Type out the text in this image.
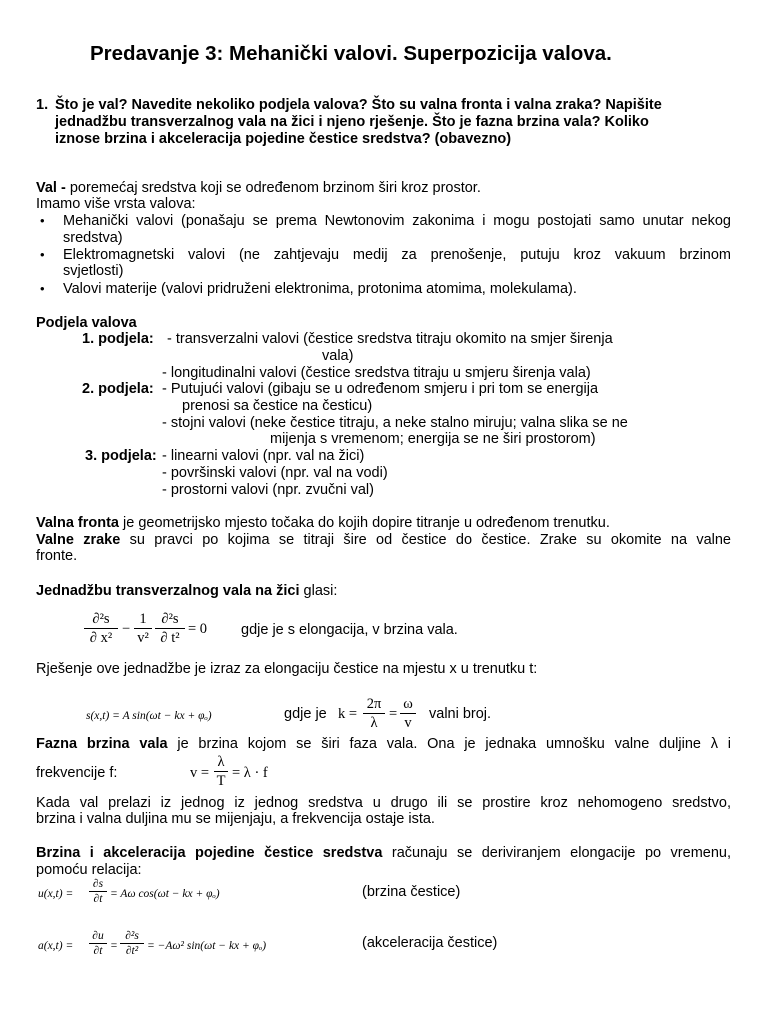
Predavanje 3: Mehanički valovi. Superpozicija valova.
1. Što je val? Navedite nekoliko podjela valova? Što su valna fronta i valna zraka? Napišite
jednadžbu transverzalnog vala na žici i njeno rješenje. Što je fazna brzina vala? Koliko
iznose brzina i akceleracija pojedine čestice sredstva? (obavezno)
Val - poremećaj sredstva koji se određenom brzinom širi kroz prostor.
Imamo više vrsta valova:
• Mehanički valovi (ponašaju se prema Newtonovim zakonima i mogu postojati samo unutar nekog
sredstva)
• Elektromagnetski valovi (ne zahtjevaju medij za prenošenje, putuju kroz vakuum brzinom
svjetlosti)
• Valovi materije (valovi pridruženi elektronima, protonima atomima, molekulama).
Podjela valova
1. podjela: - transverzalni valovi (čestice sredstva titraju okomito na smjer širenja
vala)
- longitudinalni valovi (čestice sredstva titraju u smjeru širenja vala)
2. podjela: - Putujući valovi (gibaju se u određenom smjeru i pri tom se energija
prenosi sa čestice na česticu)
- stojni valovi (neke čestice titraju, a neke stalno miruju; valna slika se ne
mijenja s vremenom; energija se ne širi prostorom)
3. podjela: - linearni valovi (npr. val na žici)
- površinski valovi (npr. val na vodi)
- prostorni valovi (npr. zvučni val)
Valna fronta je geometrijsko mjesto točaka do kojih dopire titranje u određenom trenutku.
Valne zrake su pravci po kojima se titraji šire od čestice do čestice. Zrake su okomite na valne
fronte.
Jednadžbu transverzalnog vala na žici glasi:
∂²s
∂ x²
−
1
v²
∂²s
∂ t²
= 0 gdje je s elongacija, v brzina vala.
Rješenje ove jednadžbe je izraz za elongaciju čestice na mjestu x u trenutku t:
s(x,t) = A sin(ωt − kx + φₒ)	gdje je k =
2π
λ
=
ω
v
valni broj.
Fazna brzina vala je brzina kojom se širi faza vala. Ona je jednaka umnošku valne duljine λ i
frekvencije f:	v =
λ
T = λ · f
Kada val prelazi iz jednog iz jednog sredstva u drugo ili se prostire kroz nehomogeno sredstvo,
brzina i valna duljina mu se mijenjaju, a frekvencija ostaje ista.
Brzina i akceleracija pojedine čestice sredstva računaju se deriviranjem elongacije po vremenu,
pomoću relacija:
u(x,t) =
∂s
∂t = Aω cos(ωt − kx + φₒ)	(brzina čestice)
a(x,t) =
∂u
∂t =
∂²s
∂t² = −Aω² sin(ωt − kx + φₒ)	(akceleracija čestice)
